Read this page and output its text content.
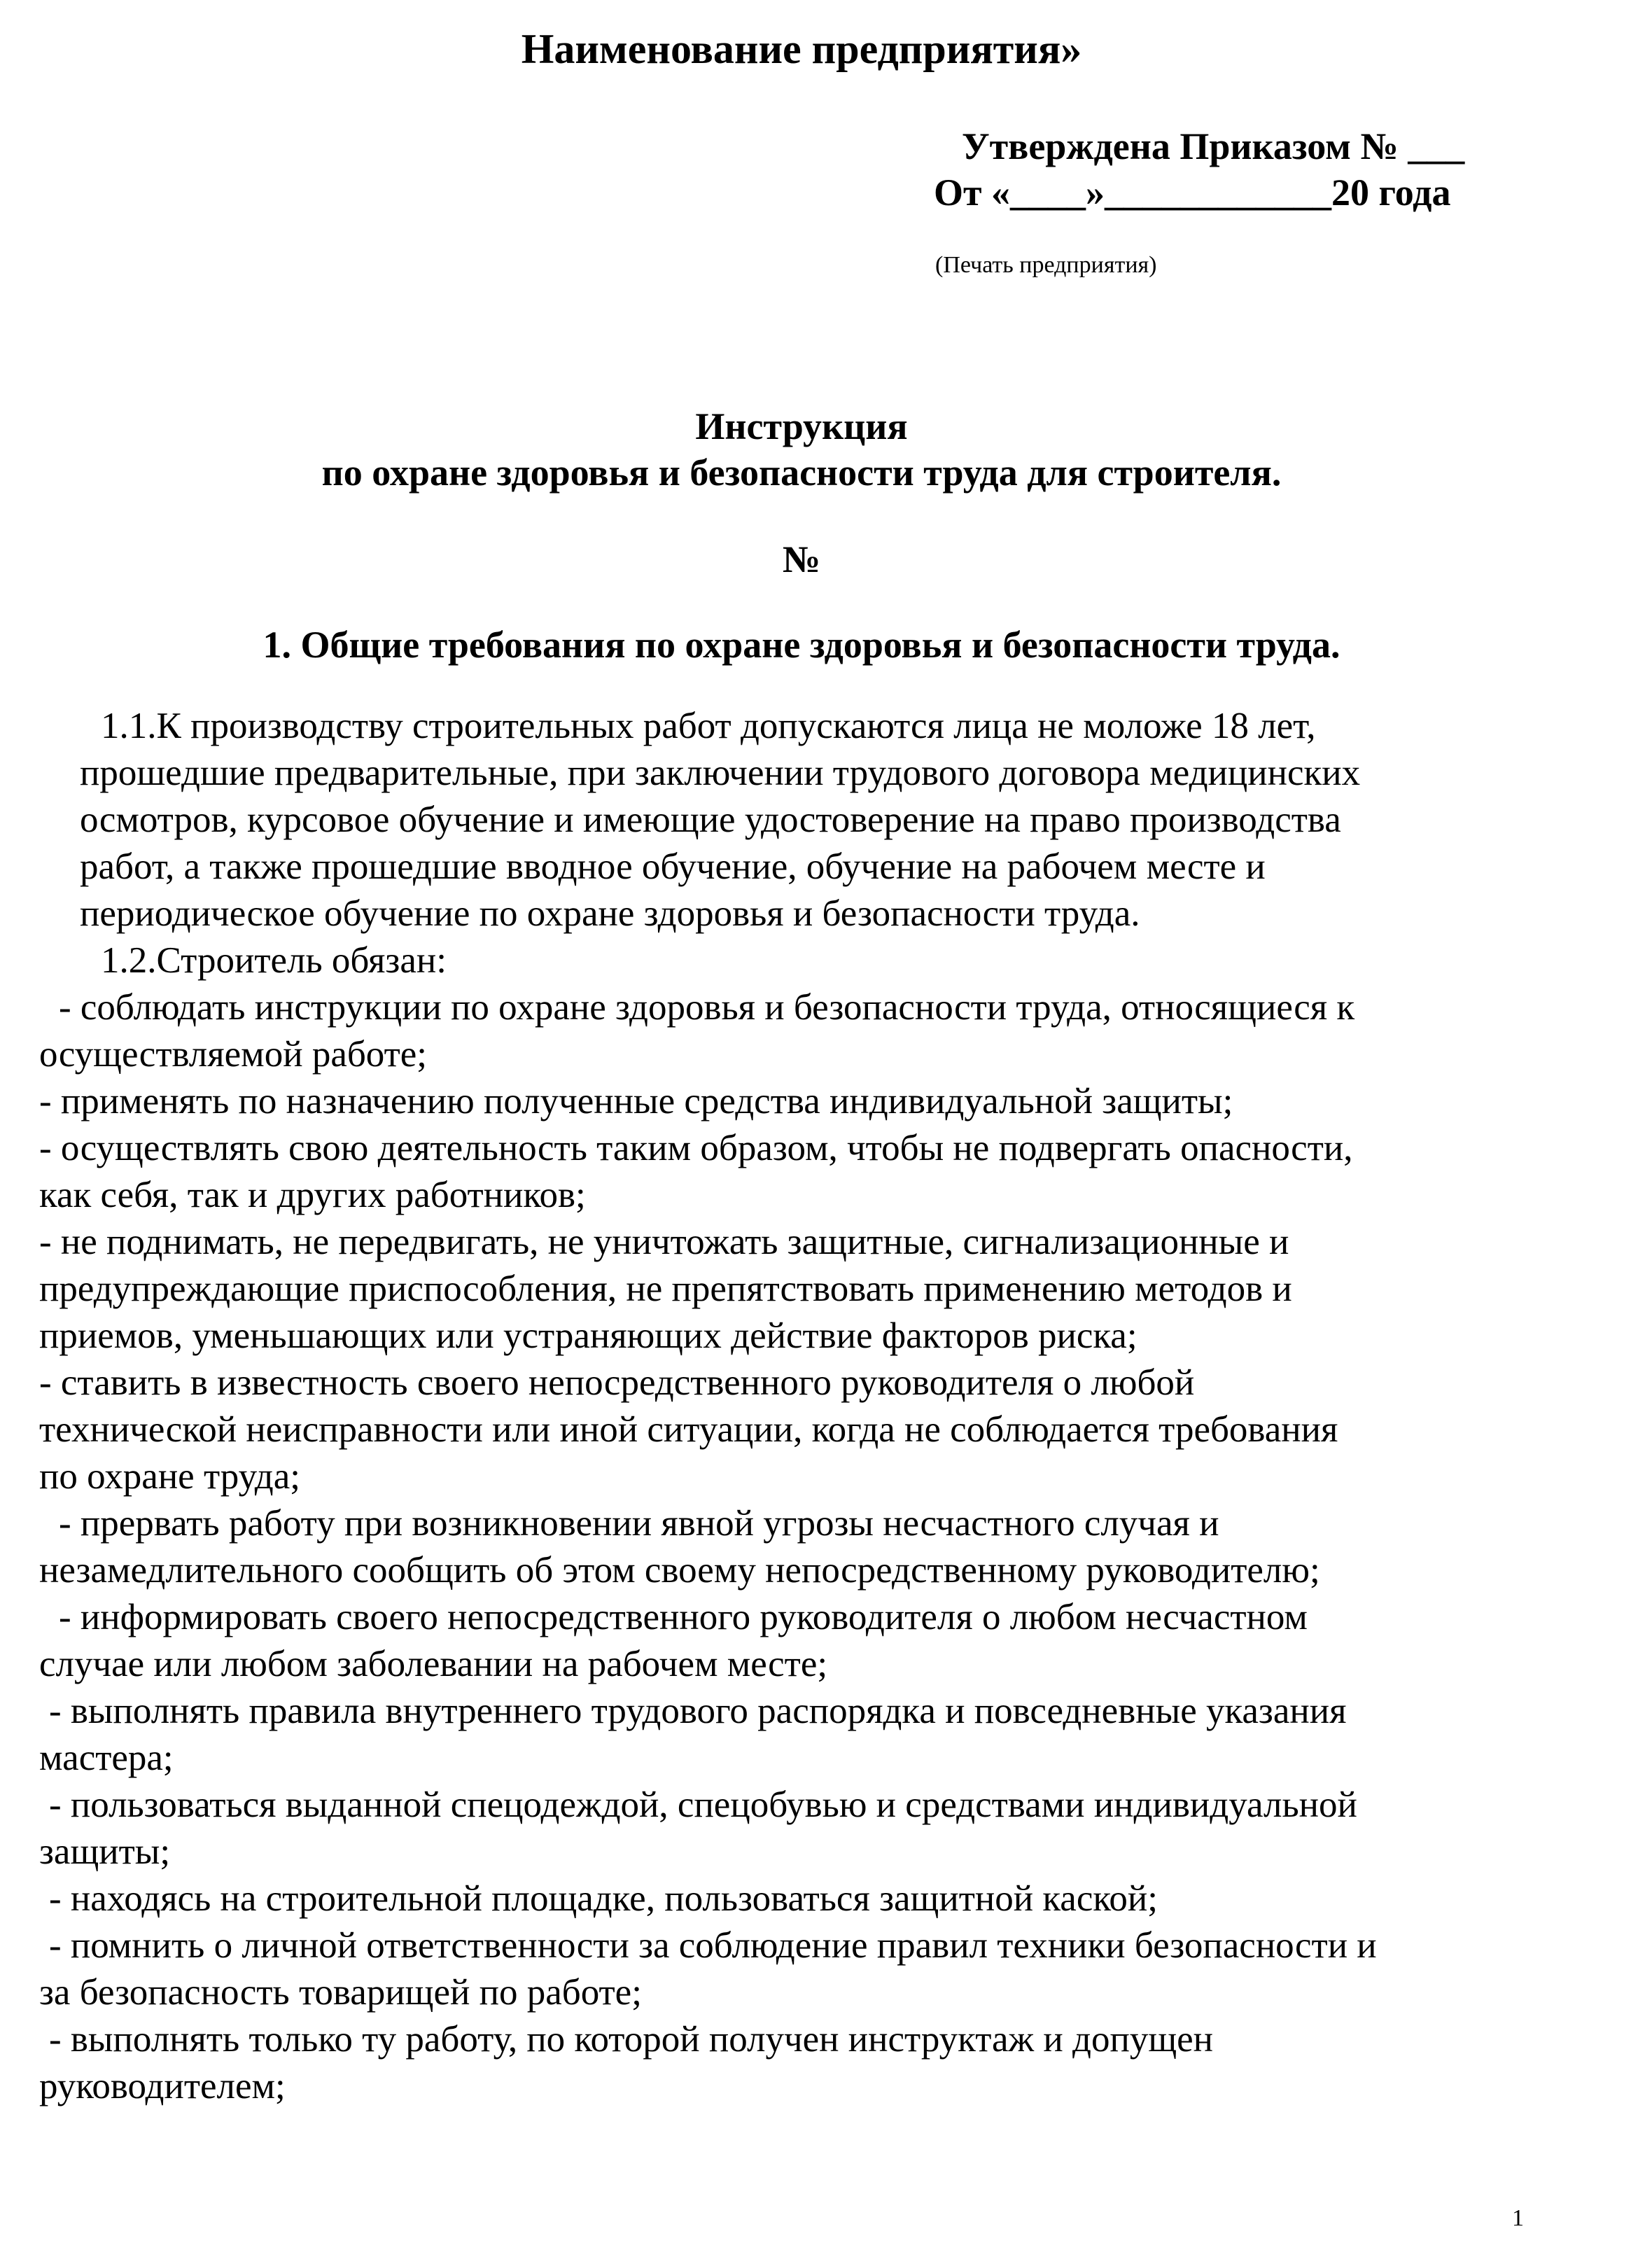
Наименование предприятия»
Утверждена Приказом № ___
От «____»____________20 года
(Печать предприятия)
Инструкция
по охране здоровья и безопасности труда для строителя.
№
1. Общие требования по охране здоровья и безопасности труда.
1.1.К производству строительных работ допускаются лица не моложе 18 лет,
прошедшие предварительные, при заключении трудового договора медицинских
осмотров, курсовое обучение и имеющие удостоверение на право производства
работ, а также прошедшие вводное обучение, обучение на рабочем месте и
периодическое обучение по охране здоровья и безопасности труда.
1.2.Строитель обязан:
- соблюдать инструкции по охране здоровья и безопасности труда, относящиеся к
осуществляемой работе;
- применять по назначению полученные средства индивидуальной защиты;
- осуществлять свою деятельность таким образом, чтобы не подвергать опасности,
как себя, так и других работников;
- не поднимать, не передвигать, не уничтожать защитные, сигнализационные и
предупреждающие приспособления, не препятствовать применению методов и
приемов, уменьшающих или устраняющих действие факторов риска;
- ставить в известность своего непосредственного руководителя о любой
технической неисправности или иной ситуации, когда не соблюдается требования
по охране труда;
- прервать работу при возникновении явной угрозы несчастного случая и
незамедлительного сообщить об этом своему непосредственному руководителю;
- информировать своего непосредственного руководителя о любом несчастном
случае или любом заболевании на рабочем месте;
- выполнять правила внутреннего трудового распорядка и повседневные указания
мастера;
- пользоваться выданной спецодеждой, спецобувью и средствами индивидуальной
защиты;
- находясь на строительной площадке, пользоваться защитной каской;
- помнить о личной ответственности за соблюдение правил техники безопасности и
за безопасность товарищей по работе;
- выполнять только ту работу, по которой получен инструктаж и допущен
руководителем;
1
